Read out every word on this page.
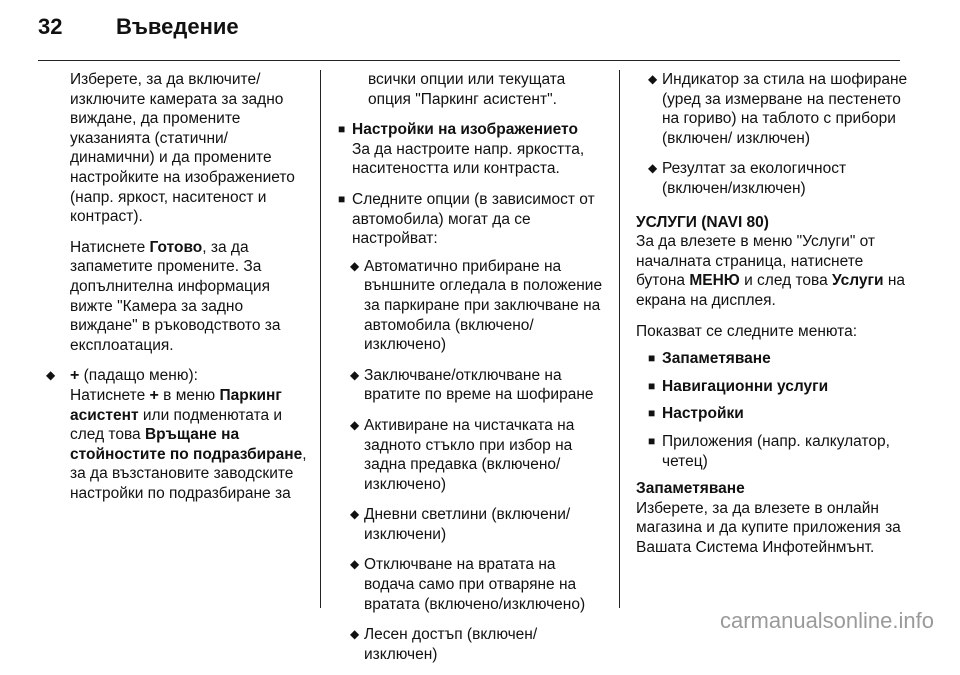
32 Въведение

Изберете, за да включите/ изключите камерата за задно виждане, да промените указанията (статични/ динамични) и да промените настройките на изображението (напр. яркост, наситеност и контраст).

Натиснете Готово, за да запаметите промените. За допълнителна информация вижте "Камера за задно виждане" в ръководството за експлоатация.

◆ + (падащо меню):
Натиснете + в меню Паркинг асистент или подменютата и след това Връщане на стойностите по подразбиране, за да възстановите заводските настройки по подразбиране за

всички опции или текущата опция "Паркинг асистент".

■ Настройки на изображението
За да настроите напр. яркостта, наситеността или контраста.
■ Следните опции (в зависимост от автомобила) могат да се настройват:
◆ Автоматично прибиране на външните огледала в положение за паркиране при заключване на автомобила (включено/изключено)
◆ Заключване/отключване на вратите по време на шофиране
◆ Активиране на чистачката на задното стъкло при избор на задна предавка (включено/ изключено)
◆ Дневни светлини (включени/ изключени)
◆ Отключване на вратата на водача само при отваряне на вратата (включено/изключено)
◆ Лесен достъп (включен/ изключен)
◆ Индикатор за стила на шофиране (уред за измерване на пестенето на гориво) на таблото с прибори (включен/ изключен)
◆ Резултат за екологичност (включен/изключен)
УСЛУГИ (NAVI 80)

За да влезете в меню "Услуги" от началната страница, натиснете бутона МЕНЮ и след това Услуги на екрана на дисплея.

Показват се следните менюта:

■ Запаметяване
■ Навигационни услуги
■ Настройки
■ Приложения (напр. калкулатор, четец)
Запаметяване

Изберете, за да влезете в онлайн магазина и да купите приложения за Вашата Система Инфотейнмънт.

carmanualsonline.info
